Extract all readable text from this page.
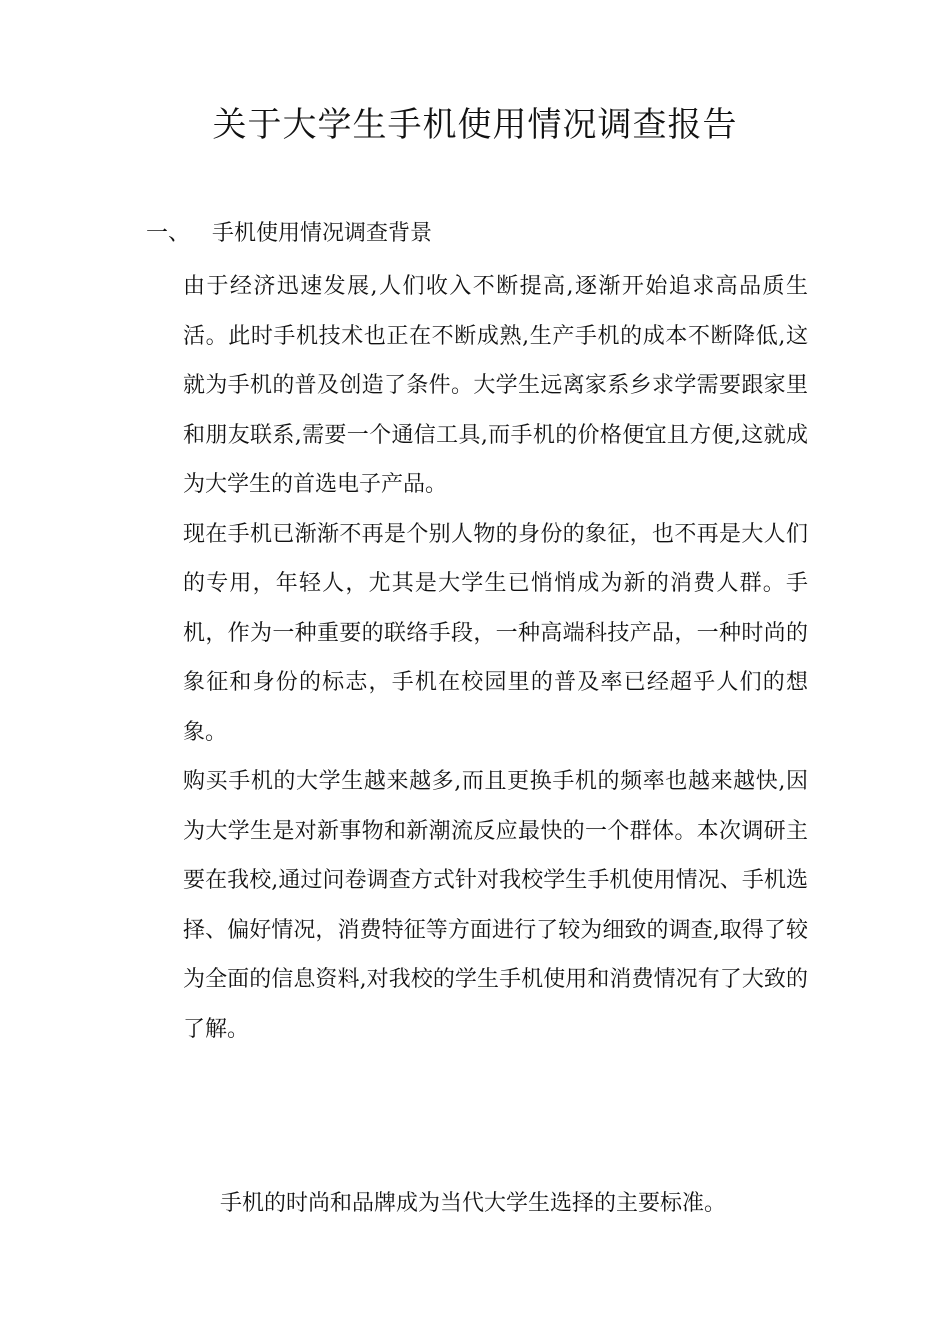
关于大学生手机使用情况调查报告
一、 手机使用情况调查背景

由于经济迅速发展,人们收入不断提高,逐渐开始追求高品质生活。此时手机技术也正在不断成熟,生产手机的成本不断降低,这就为手机的普及创造了条件。大学生远离家系乡求学需要跟家里和朋友联系,需要一个通信工具,而手机的价格便宜且方便,这就成为大学生的首选电子产品。

现在手机已渐渐不再是个别人物的身份的象征，也不再是大人们的专用，年轻人，尤其是大学生已悄悄成为新的消费人群。手机，作为一种重要的联络手段，一种高端科技产品，一种时尚的象征和身份的标志，手机在校园里的普及率已经超乎人们的想象。

购买手机的大学生越来越多,而且更换手机的频率也越来越快,因为大学生是对新事物和新潮流反应最快的一个群体。本次调研主要在我校,通过问卷调查方式针对我校学生手机使用情况、手机选择、偏好情况，消费特征等方面进行了较为细致的调查,取得了较为全面的信息资料,对我校的学生手机使用和消费情况有了大致的了解。

手机的时尚和品牌成为当代大学生选择的主要标准。
